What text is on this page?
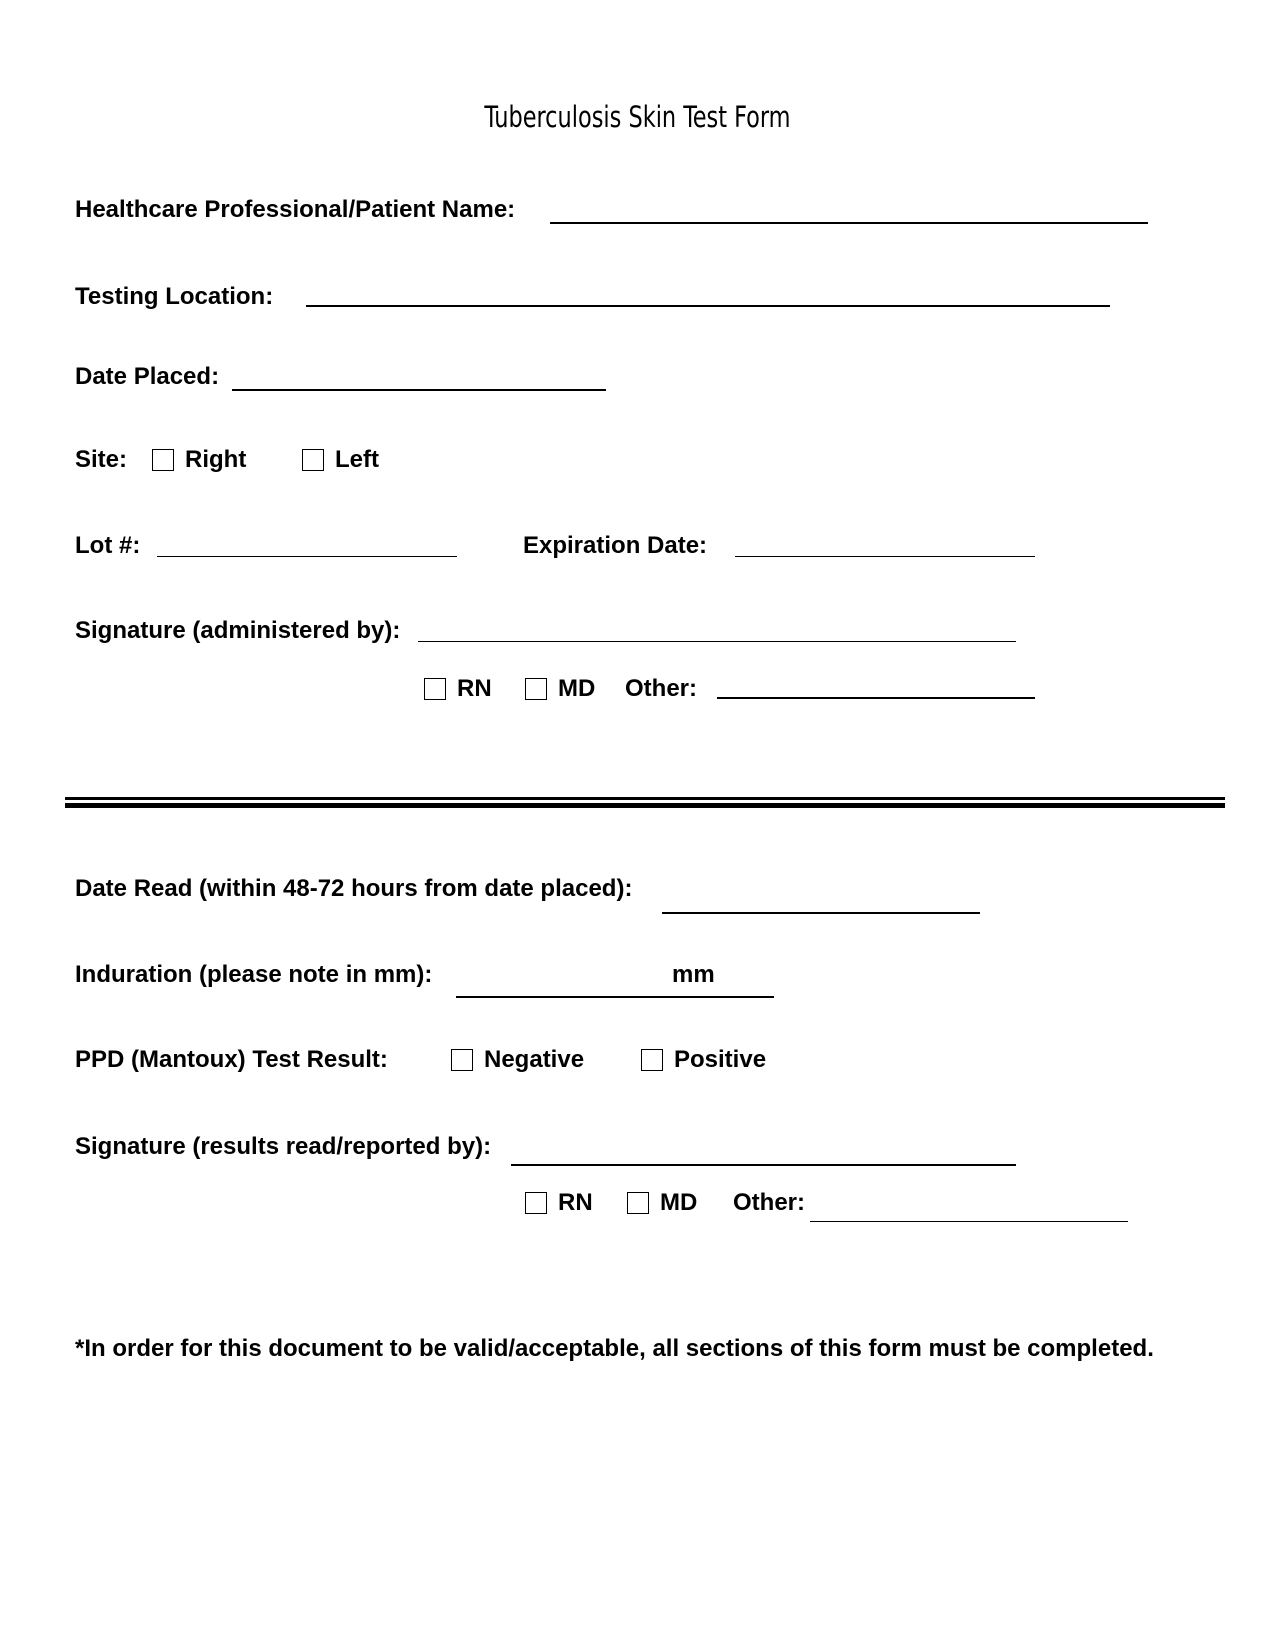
Tuberculosis Skin Test Form
Healthcare Professional/Patient Name:
Testing Location:
Date Placed:
Site: Right	Left
Lot #:	Expiration Date:
Signature (administered by):
RN	MD Other:
Date Read (within 48-72 hours from date placed):
Induration (please note in mm):	mm
PPD (Mantoux) Test Result:	Negative	Positive
Signature (results read/reported by):
RN	MD Other:
*In order for this document to be valid/acceptable, all sections of this form must be completed.
